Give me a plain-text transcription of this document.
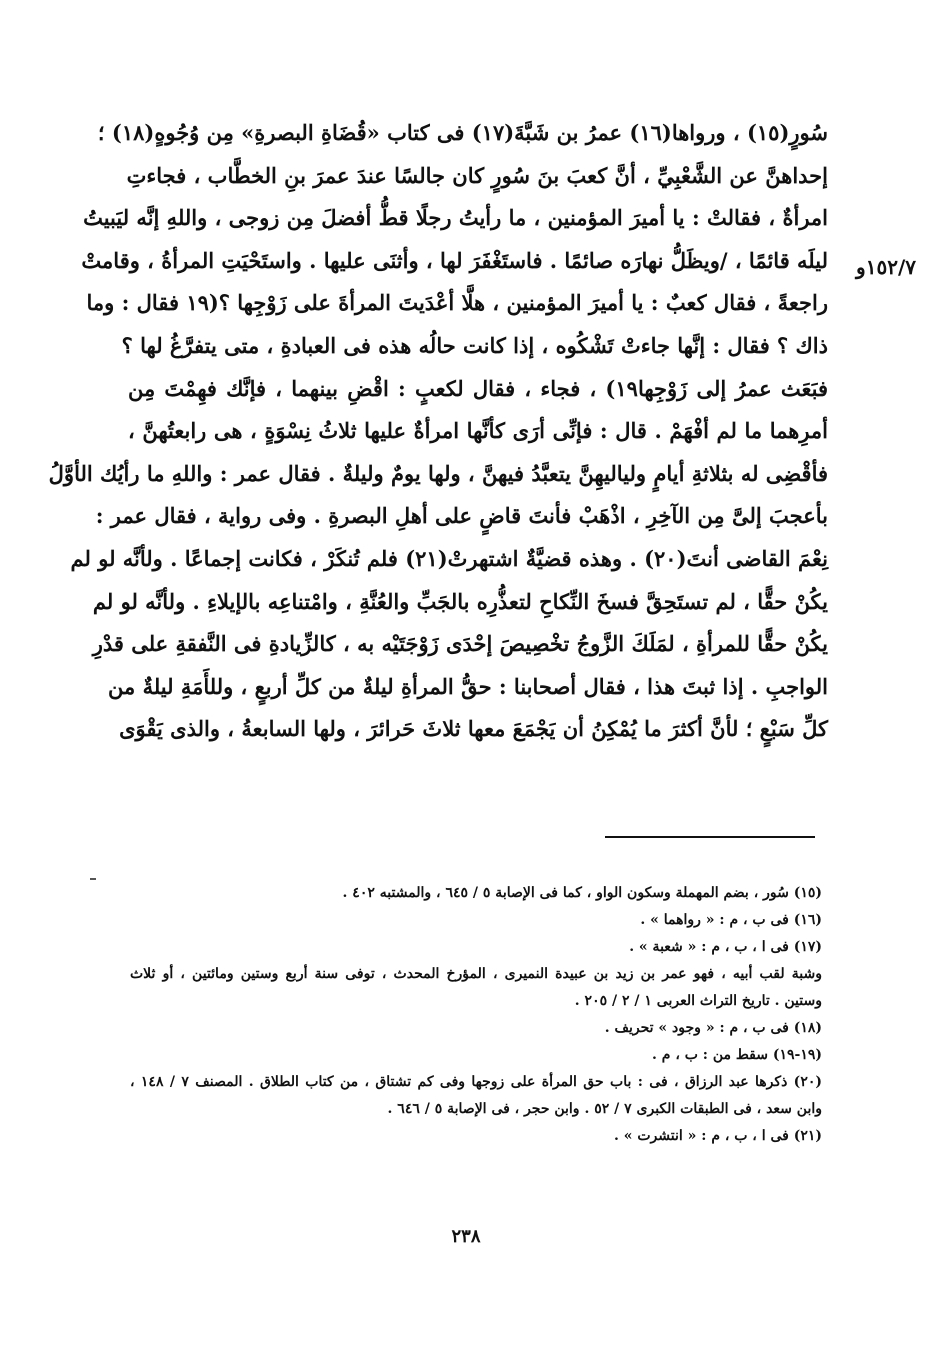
١٥٢/٧و
سُورٍ(١٥) ، ورواها(١٦) عمرُ بن شَبَّةَ(١٧) فى كتاب «قُضَاةِ البصرةِ» مِن وُجُوهٍ(١٨) ؛
إحداهنَّ عن الشَّعْبِيِّ ، أنَّ كعبَ بنَ سُورٍ كان جالسًا عندَ عمرَ بنِ الخطَّاب ، فجاءتِ
امرأةٌ ، فقالتْ : يا أميرَ المؤمنين ، ما رأيتُ رجلًا قطُّ أفضلَ مِن زوجى ، واللهِ إنَّه ليَبيتُ
ليلَه قائمًا ، /ويظَلُّ نهارَه صائمًا . فاستَغْفَرَ لها ، وأثنَى عليها . واستَحْيَتِ المرأةُ ، وقامتْ
راجعةً ، فقال كعبٌ : يا أميرَ المؤمنين ، هلَّا أعْدَيتَ المرأةَ على زَوْجِها ؟(١٩ فقال : وما
ذاك ؟ فقال : إنَّها جاءتْ تَشْكُوه ، إذا كانت حالُه هذه فى العبادةِ ، متى يتفرَّغُ لها ؟
فبَعَث عمرُ إلى زَوْجِها١٩) ، فجاء ، فقال لكعبٍ : اقْضِ بينهما ، فإنَّك فهِمْتَ مِن
أمرِهما ما لم أفْهَمْ . قال : فإنِّى أرَى كأنَّها امرأةٌ عليها ثلاثُ نِسْوَةٍ ، هى رابعتُهنَّ ،
فأقْضِى له بثلاثةِ أيامٍ ولياليهِنَّ يتعبَّدُ فيهنَّ ، ولها يومٌ وليلةٌ . فقال عمر : واللهِ ما رأيُك الأوَّلُ
بأعجبَ إلىَّ مِن الآخِرِ ، اذْهَبْ فأنتَ قاضٍ على أهلِ البصرةِ . وفى رواية ، فقال عمر :
نِعْمَ القاضى أنتَ(٢٠) . وهذه قضيَّةٌ اشتهرتْ(٢١) فلم تُنكَرْ ، فكانت إجماعًا . ولأنَّه لو لم
يكُنْ حقًّا ، لم تستَحِقَّ فسخَ النِّكاحِ لتعذُّرِه بالجَبِّ والعُنَّةِ ، وامْتناعِه بالإيلاءِ . ولأنَّه لو لم
يكُنْ حقًّا للمرأةِ ، لمَلَكَ الزَّوجُ تخْصِيصَ إحْدَى زَوْجَتَيْه به ، كالزِّيادةِ فى النَّفقةِ على قدْرِ
الواجبِ . إذا ثبتَ هذا ، فقال أصحابنا : حقُّ المرأةِ ليلةٌ من كلِّ أربعٍ ، وللأَمَةِ ليلةٌ من
كلِّ سَبْعٍ ؛ لأنَّ أكثرَ ما يُمْكِنُ أن يَجْمَعَ معها ثلاثَ حَرائرَ ، ولها السابعةُ ، والذى يَقْوَى
(١٥) سُور ، بضم المهملة وسكون الواو ، كما فى الإصابة ٥ / ٦٤٥ ، والمشتبه ٤٠٢ .
(١٦) فى ب ، م : « رواهما » .
(١٧) فى ا ، ب ، م : « شعبة » .
وشبة لقب أبيه ، فهو عمر بن زيد بن عبيدة النميرى ، المؤرخ المحدث ، توفى سنة أربع وستين ومائتين ، أو ثلاث
وستين . تاريخ التراث العربى ١ / ٢ / ٢٠٥ .
(١٨) فى ب ، م : « وجود » تحريف .
(١٩-١٩) سقط من : ب ، م .
(٢٠) ذكرها عبد الرزاق ، فى : باب حق المرأة على زوجها وفى كم تشتاق ، من كتاب الطلاق . المصنف ٧ / ١٤٨ ،
وابن سعد ، فى الطبقات الكبرى ٧ / ٥٢ . وابن حجر ، فى الإصابة ٥ / ٦٤٦ .
(٢١) فى ا ، ب ، م : « انتشرت » .
٢٣٨
